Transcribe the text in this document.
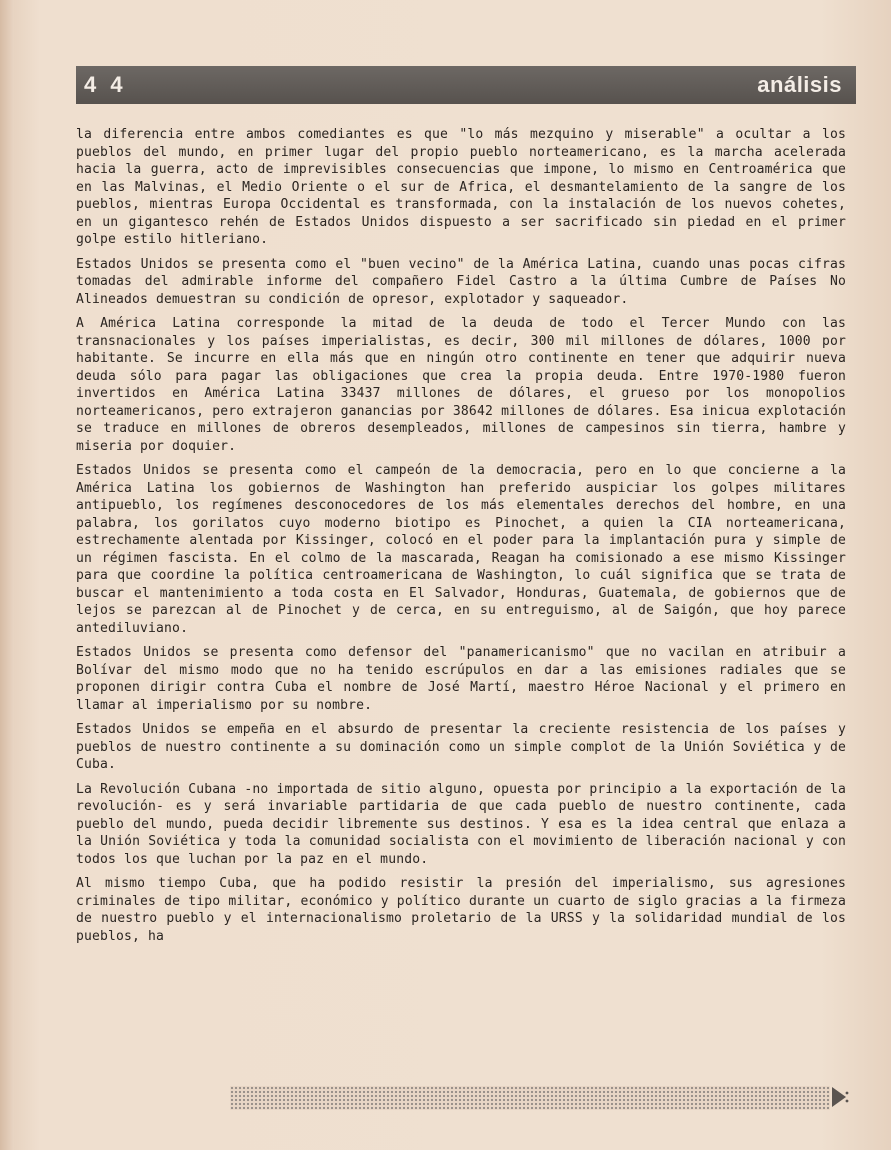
4 4	análisis

la diferencia entre ambos comediantes es que "lo más mezquino y miserable" a ocultar a los pueblos del mundo, en primer lugar del propio pueblo norteamericano, es la marcha acelerada hacia la guerra, acto de imprevisibles consecuencias que impone, lo mismo en Centroamérica que en las Malvinas, el Medio Oriente o el sur de Africa, el desmantelamiento de la sangre de los pueblos, mientras Europa Occidental es transformada, con la instalación de los nuevos cohetes, en un gigantesco rehén de Estados Unidos dispuesto a ser sacrificado sin piedad en el primer golpe estilo hitleriano.

Estados Unidos se presenta como el "buen vecino" de la América Latina, cuando unas pocas cifras tomadas del admirable informe del compañero Fidel Castro a la última Cumbre de Países No Alineados demuestran su condición de opresor, explotador y saqueador.

A América Latina corresponde la mitad de la deuda de todo el Tercer Mundo con las transnacionales y los países imperialistas, es decir, 300 mil millones de dólares, 1000 por habitante. Se incurre en ella más que en ningún otro continente en tener que adquirir nueva deuda sólo para pagar las obligaciones que crea la propia deuda. Entre 1970-1980 fueron invertidos en América Latina 33437 millones de dólares, el grueso por los monopolios norteamericanos, pero extrajeron ganancias por 38642 millones de dólares. Esa inicua explotación se traduce en millones de obreros desempleados, millones de campesinos sin tierra, hambre y miseria por doquier.

Estados Unidos se presenta como el campeón de la democracia, pero en lo que concierne a la América Latina los gobiernos de Washington han preferido auspiciar los golpes militares antipueblo, los regímenes desconocedores de los más elementales derechos del hombre, en una palabra, los gorilatos cuyo moderno biotipo es Pinochet, a quien la CIA norteamericana, estrechamente alentada por Kissinger, colocó en el poder para la implantación pura y simple de un régimen fascista. En el colmo de la mascarada, Reagan ha comisionado a ese mismo Kissinger para que coordine la política centroamericana de Washington, lo cuál significa que se trata de buscar el mantenimiento a toda costa en El Salvador, Honduras, Guatemala, de gobiernos que de lejos se parezcan al de Pinochet y de cerca, en su entreguismo, al de Saigón, que hoy parece antediluviano.

Estados Unidos se presenta como defensor del "panamericanismo" que no vacilan en atribuir a Bolívar del mismo modo que no ha tenido escrúpulos en dar a las emisiones radiales que se proponen dirigir contra Cuba el nombre de José Martí, maestro Héroe Nacional y el primero en llamar al imperialismo por su nombre.

Estados Unidos se empeña en el absurdo de presentar la creciente resistencia de los países y pueblos de nuestro continente a su dominación como un simple complot de la Unión Soviética y de Cuba.

La Revolución Cubana -no importada de sitio alguno, opuesta por principio a la exportación de la revolución- es y será invariable partidaria de que cada pueblo de nuestro continente, cada pueblo del mundo, pueda decidir libremente sus destinos. Y esa es la idea central que enlaza a la Unión Soviética y toda la comunidad socialista con el movimiento de liberación nacional y con todos los que luchan por la paz en el mundo.

Al mismo tiempo Cuba, que ha podido resistir la presión del imperialismo, sus agresiones criminales de tipo militar, económico y político durante un cuarto de siglo gracias a la firmeza de nuestro pueblo y el internacionalismo proletario de la URSS y la solidaridad mundial de los pueblos, ha
